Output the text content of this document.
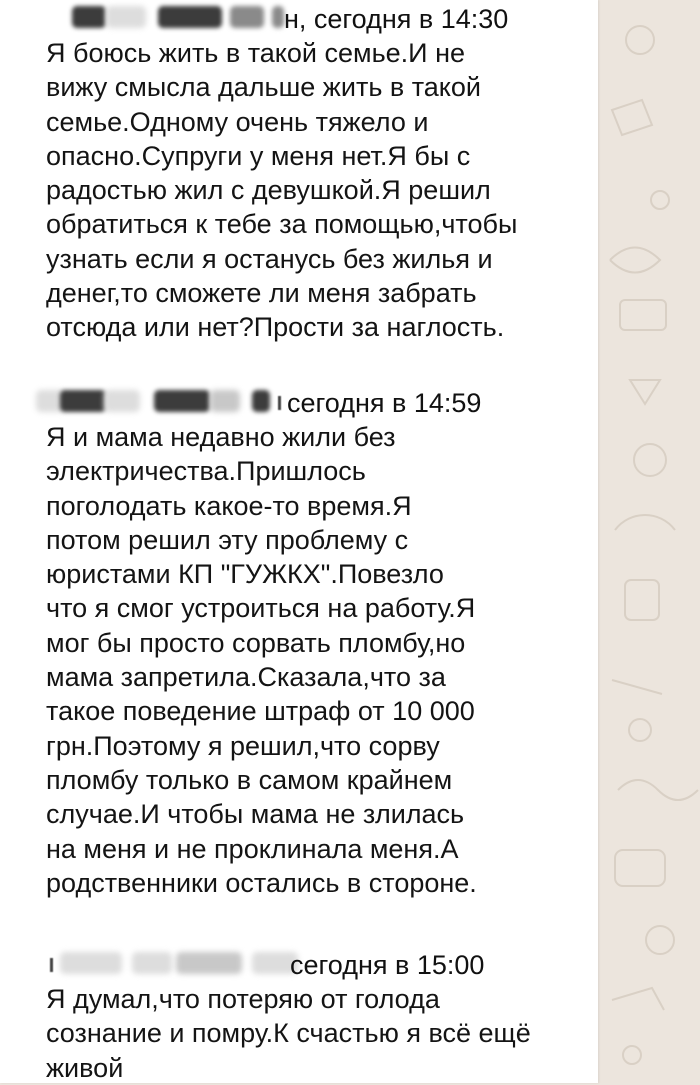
н, сегодня в 14:30
Я боюсь жить в такой семье.И не
вижу смысла дальше жить в такой
семье.Одному очень тяжело и
опасно.Супруги у меня нет.Я бы с
радостью жил с девушкой.Я решил
обратиться к тебе за помощью,чтобы
узнать если я останусь без жилья и
денег,то сможете ли меня забрать
отсюда или нет?Прости за наглость.
сегодня в 14:59
Я и мама недавно жили без
электричества.Пришлось
поголодать какое-то время.Я
потом решил эту проблему с
юристами КП "ГУЖКХ".Повезло
что я смог устроиться на работу.Я
мог бы просто сорвать пломбу,но
мама запретила.Сказала,что за
такое поведение штраф от 10 000
грн.Поэтому я решил,что сорву
пломбу только в самом крайнем
случае.И чтобы мама не злилась
на меня и не проклинала меня.А
родственники остались в стороне.
сегодня в 15:00
Я думал,что потеряю от голода
сознание и помру.К счастью я всё ещё
живой
